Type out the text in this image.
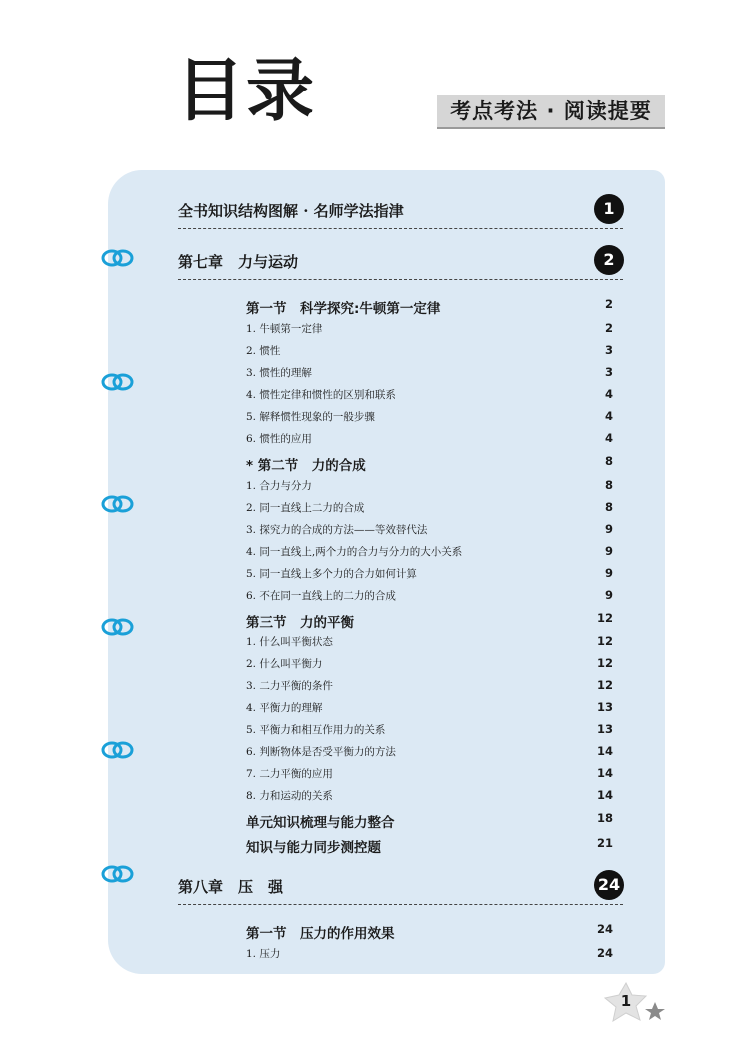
目录	考点考法 · 阅读提要
全书知识结构图解 · 名师学法指津	1
第七章　力与运动	2
第一节　科学探究:牛顿第一定律	2
1. 牛顿第一定律	2
2. 惯性	3
3. 惯性的理解	3
4. 惯性定律和惯性的区别和联系	4
5. 解释惯性现象的一般步骤	4
6. 惯性的应用	4
* 第二节　力的合成	8
1. 合力与分力	8
2. 同一直线上二力的合成	8
3. 探究力的合成的方法——等效替代法	9
4. 同一直线上,两个力的合力与分力的大小关系	9
5. 同一直线上多个力的合力如何计算	9
6. 不在同一直线上的二力的合成	9
第三节　力的平衡	12
1. 什么叫平衡状态	12
2. 什么叫平衡力	12
3. 二力平衡的条件	12
4. 平衡力的理解	13
5. 平衡力和相互作用力的关系	13
6. 判断物体是否受平衡力的方法	14
7. 二力平衡的应用	14
8. 力和运动的关系	14
单元知识梳理与能力整合	18
知识与能力同步测控题	21
第八章　压　强	24
第一节　压力的作用效果	24
1. 压力	24
1
